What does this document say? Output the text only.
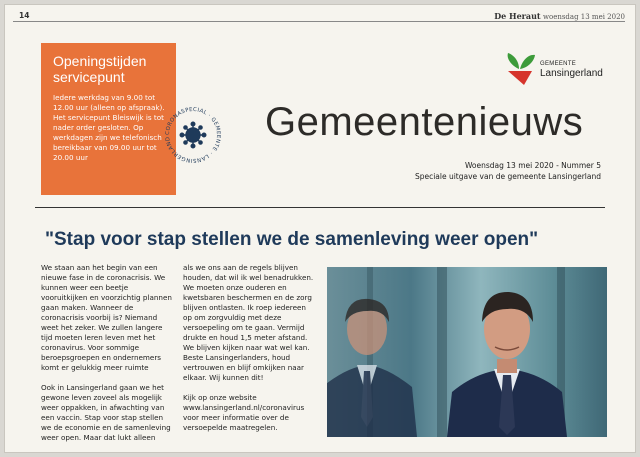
14	De Heraut woensdag 13 mei 2020
Openingstijden servicepunt

Iedere werkdag van 9.00 tot 12.00 uur (alleen op afspraak). Het servicepunt Bleiswijk is tot nader order gesloten. Op werkdagen zijn we telefonisch bereikbaar van 09.00 uur tot 20.00 uur

CORONASPECIAL · GEMEENTE · LANSINGERLAND
GEMEENTE
Lansingerland
Gemeentenieuws
Woensdag 13 mei 2020 - Nummer 5
Speciale uitgave van de gemeente Lansingerland
"Stap voor stap stellen we de samenleving weer open"

We staan aan het begin van een nieuwe fase in de coronacrisis. We kunnen weer een beetje vooruitkijken en voorzichtig plannen gaan maken. Wanneer de coronacrisis voorbij is? Niemand weet het zeker. We zullen langere tijd moeten leren leven met het coronavirus. Voor sommige beroepsgroepen en ondernemers komt er gelukkig meer ruimte

Ook in Lansingerland gaan we het gewone leven zoveel als mogelijk weer oppakken, in afwachting van een vaccin. Stap voor stap stellen we de economie en de samenleving weer open. Maar dat lukt alleen

als we ons aan de regels blijven houden, dat wil ik wel benadrukken. We moeten onze ouderen en kwetsbaren beschermen en de zorg blijven ontlasten. Ik roep iedereen op om zorgvuldig met deze versoepeling om te gaan. Vermijd drukte en houd 1,5 meter afstand. We blijven kijken naar wat wel kan. Beste Lansingerlanders, houd vertrouwen en blijf omkijken naar elkaar. Wij kunnen dit!

Kijk op onze website www.lansingerland.nl/coronavirus voor meer informatie over de versoepelde maatregelen.
